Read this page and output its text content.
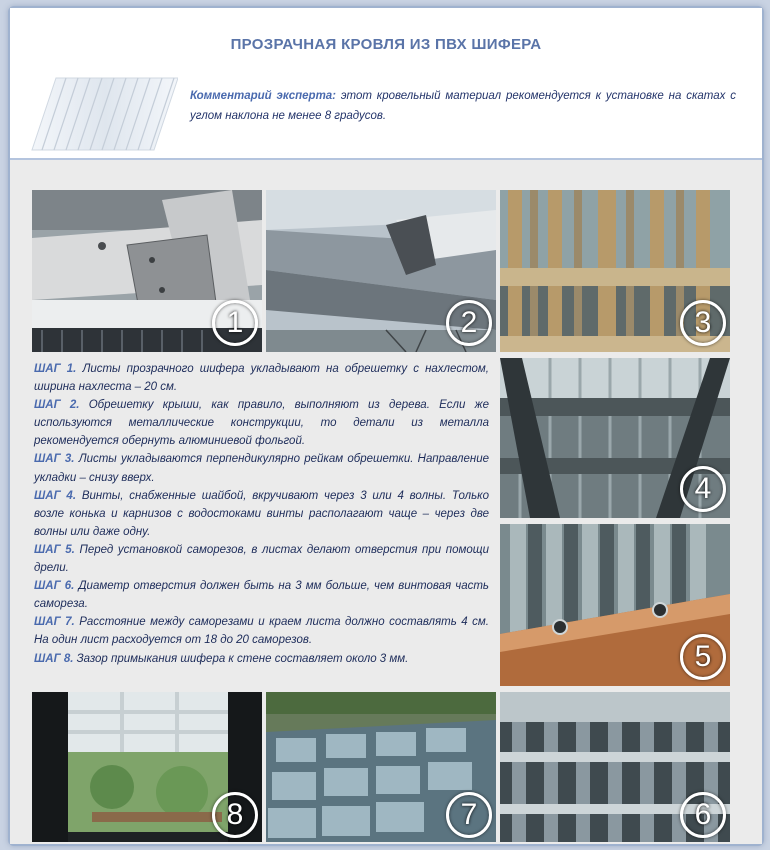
ПРОЗРАЧНАЯ КРОВЛЯ ИЗ ПВХ ШИФЕРА
Комментарий эксперта: этот кровельный материал рекомендуется к установке на скатах с углом наклона не менее 8 градусов.
1	2	3
4
5
8	7	6

ШАГ 1. Листы прозрачного шифера укладывают на обрешетку с нахлестом, ширина нахлеста – 20 см.

ШАГ 2. Обрешетку крыши, как правило, выполняют из дерева. Если же используются металлические конструкции, то детали из металла рекомендуется обернуть алюминиевой фольгой.

ШАГ 3. Листы укладываются перпендикулярно рейкам обрешетки. Направление укладки – снизу вверх.

ШАГ 4. Винты, снабженные шайбой, вкручивают через 3 или 4 волны. Только возле конька и карнизов с водостоками винты располагают чаще – через две волны или даже одну.

ШАГ 5. Перед установкой саморезов, в листах делают отверстия при помощи дрели.

ШАГ 6. Диаметр отверстия должен быть на 3 мм больше, чем винтовая часть самореза.

ШАГ 7. Расстояние между саморезами и краем листа должно составлять 4 см. На один лист расходуется от 18 до 20 саморезов.

ШАГ 8. Зазор примыкания шифера к стене составляет около 3 мм.
